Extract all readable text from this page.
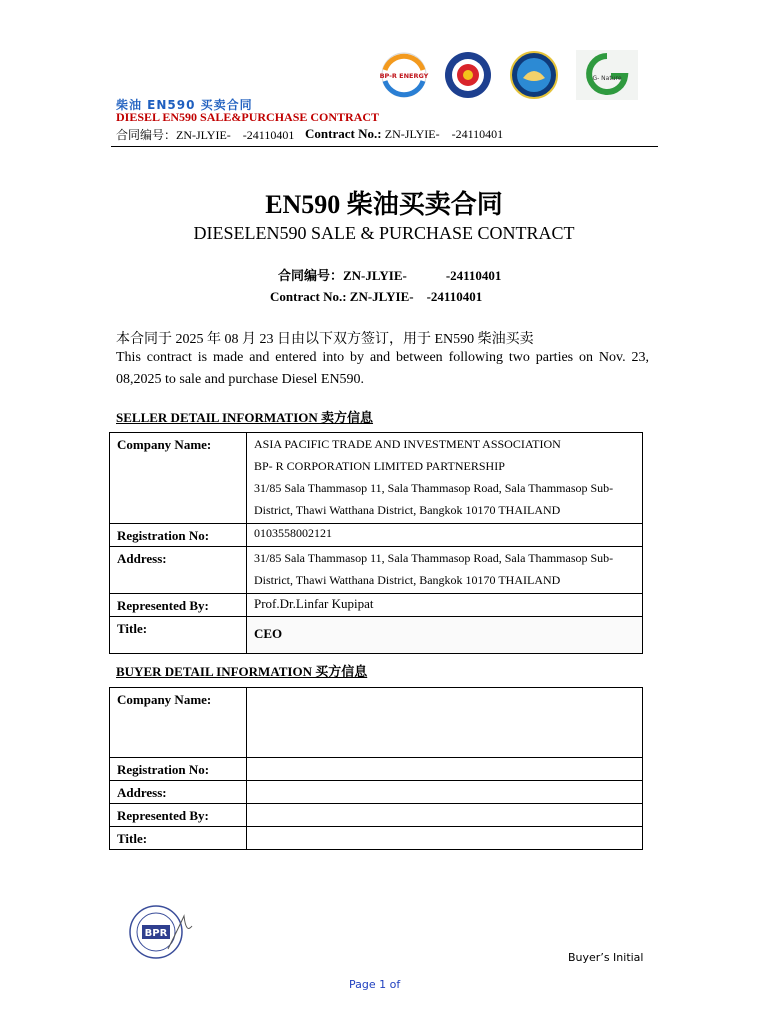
BP-R ENERGY	G- Nature
柴油 EN590 买卖合同
DIESEL EN590 SALE&PURCHASE CONTRACT
合同编号：ZN-JLYIE-　-24110401 Contract No.: ZN-JLYIE-　-24110401
EN590 柴油买卖合同
DIESELEN590 SALE & PURCHASE CONTRACT
合同编号：ZN-JLYIE-　　　-24110401
Contract No.: ZN-JLYIE-　-24110401
本合同于 2025 年 08 月 23 日由以下双方签订，用于 EN590 柴油买卖
This contract is made and entered into by and between following two parties on Nov. 23, 08,2025 to sale and purchase Diesel EN590.
SELLER DETAIL INFORMATION 卖方信息
Company Name:	ASIA PACIFIC TRADE AND INVESTMENT ASSOCIATION
BP- R CORPORATION LIMITED PARTNERSHIP
31/85 Sala Thammasop 11, Sala Thammasop Road, Sala Thammasop Sub-District, Thawi Watthana District, Bangkok 10170 THAILAND

Registration No:	0103558002121
Address:	31/85 Sala Thammasop 11, Sala Thammasop Road, Sala Thammasop Sub-District, Thawi Watthana District, Bangkok 10170 THAILAND
Represented By:	Prof.Dr.Linfar Kupipat
Title:	CEO
BUYER DETAIL INFORMATION 买方信息
Company Name:	
Registration No:	
Address:	
Represented By:	
Title:	
BPR
Buyer’s Initial
Page 1 of
